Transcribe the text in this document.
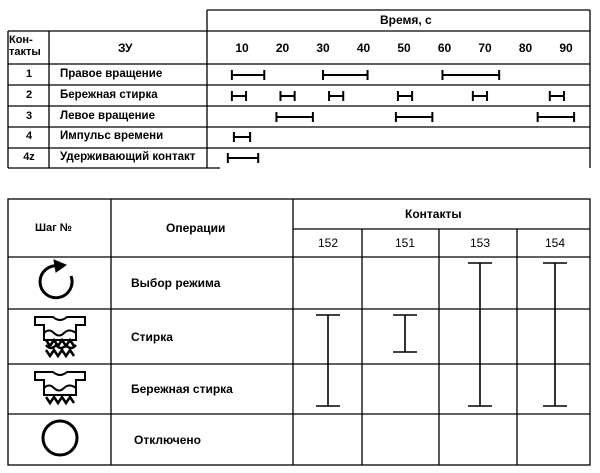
Время, с
Кон-
такты	ЗУ	10 20 30 40 50 60 70 80 90
1	Правое вращение
2	Бережная стирка
3	Левое вращение
4	Импульс времени
4z	Удерживающий контакт
Шаг №	Операции
Контакты
152	151	153	154
Выбор режима
Стирка
Бережная стирка
Отключено
